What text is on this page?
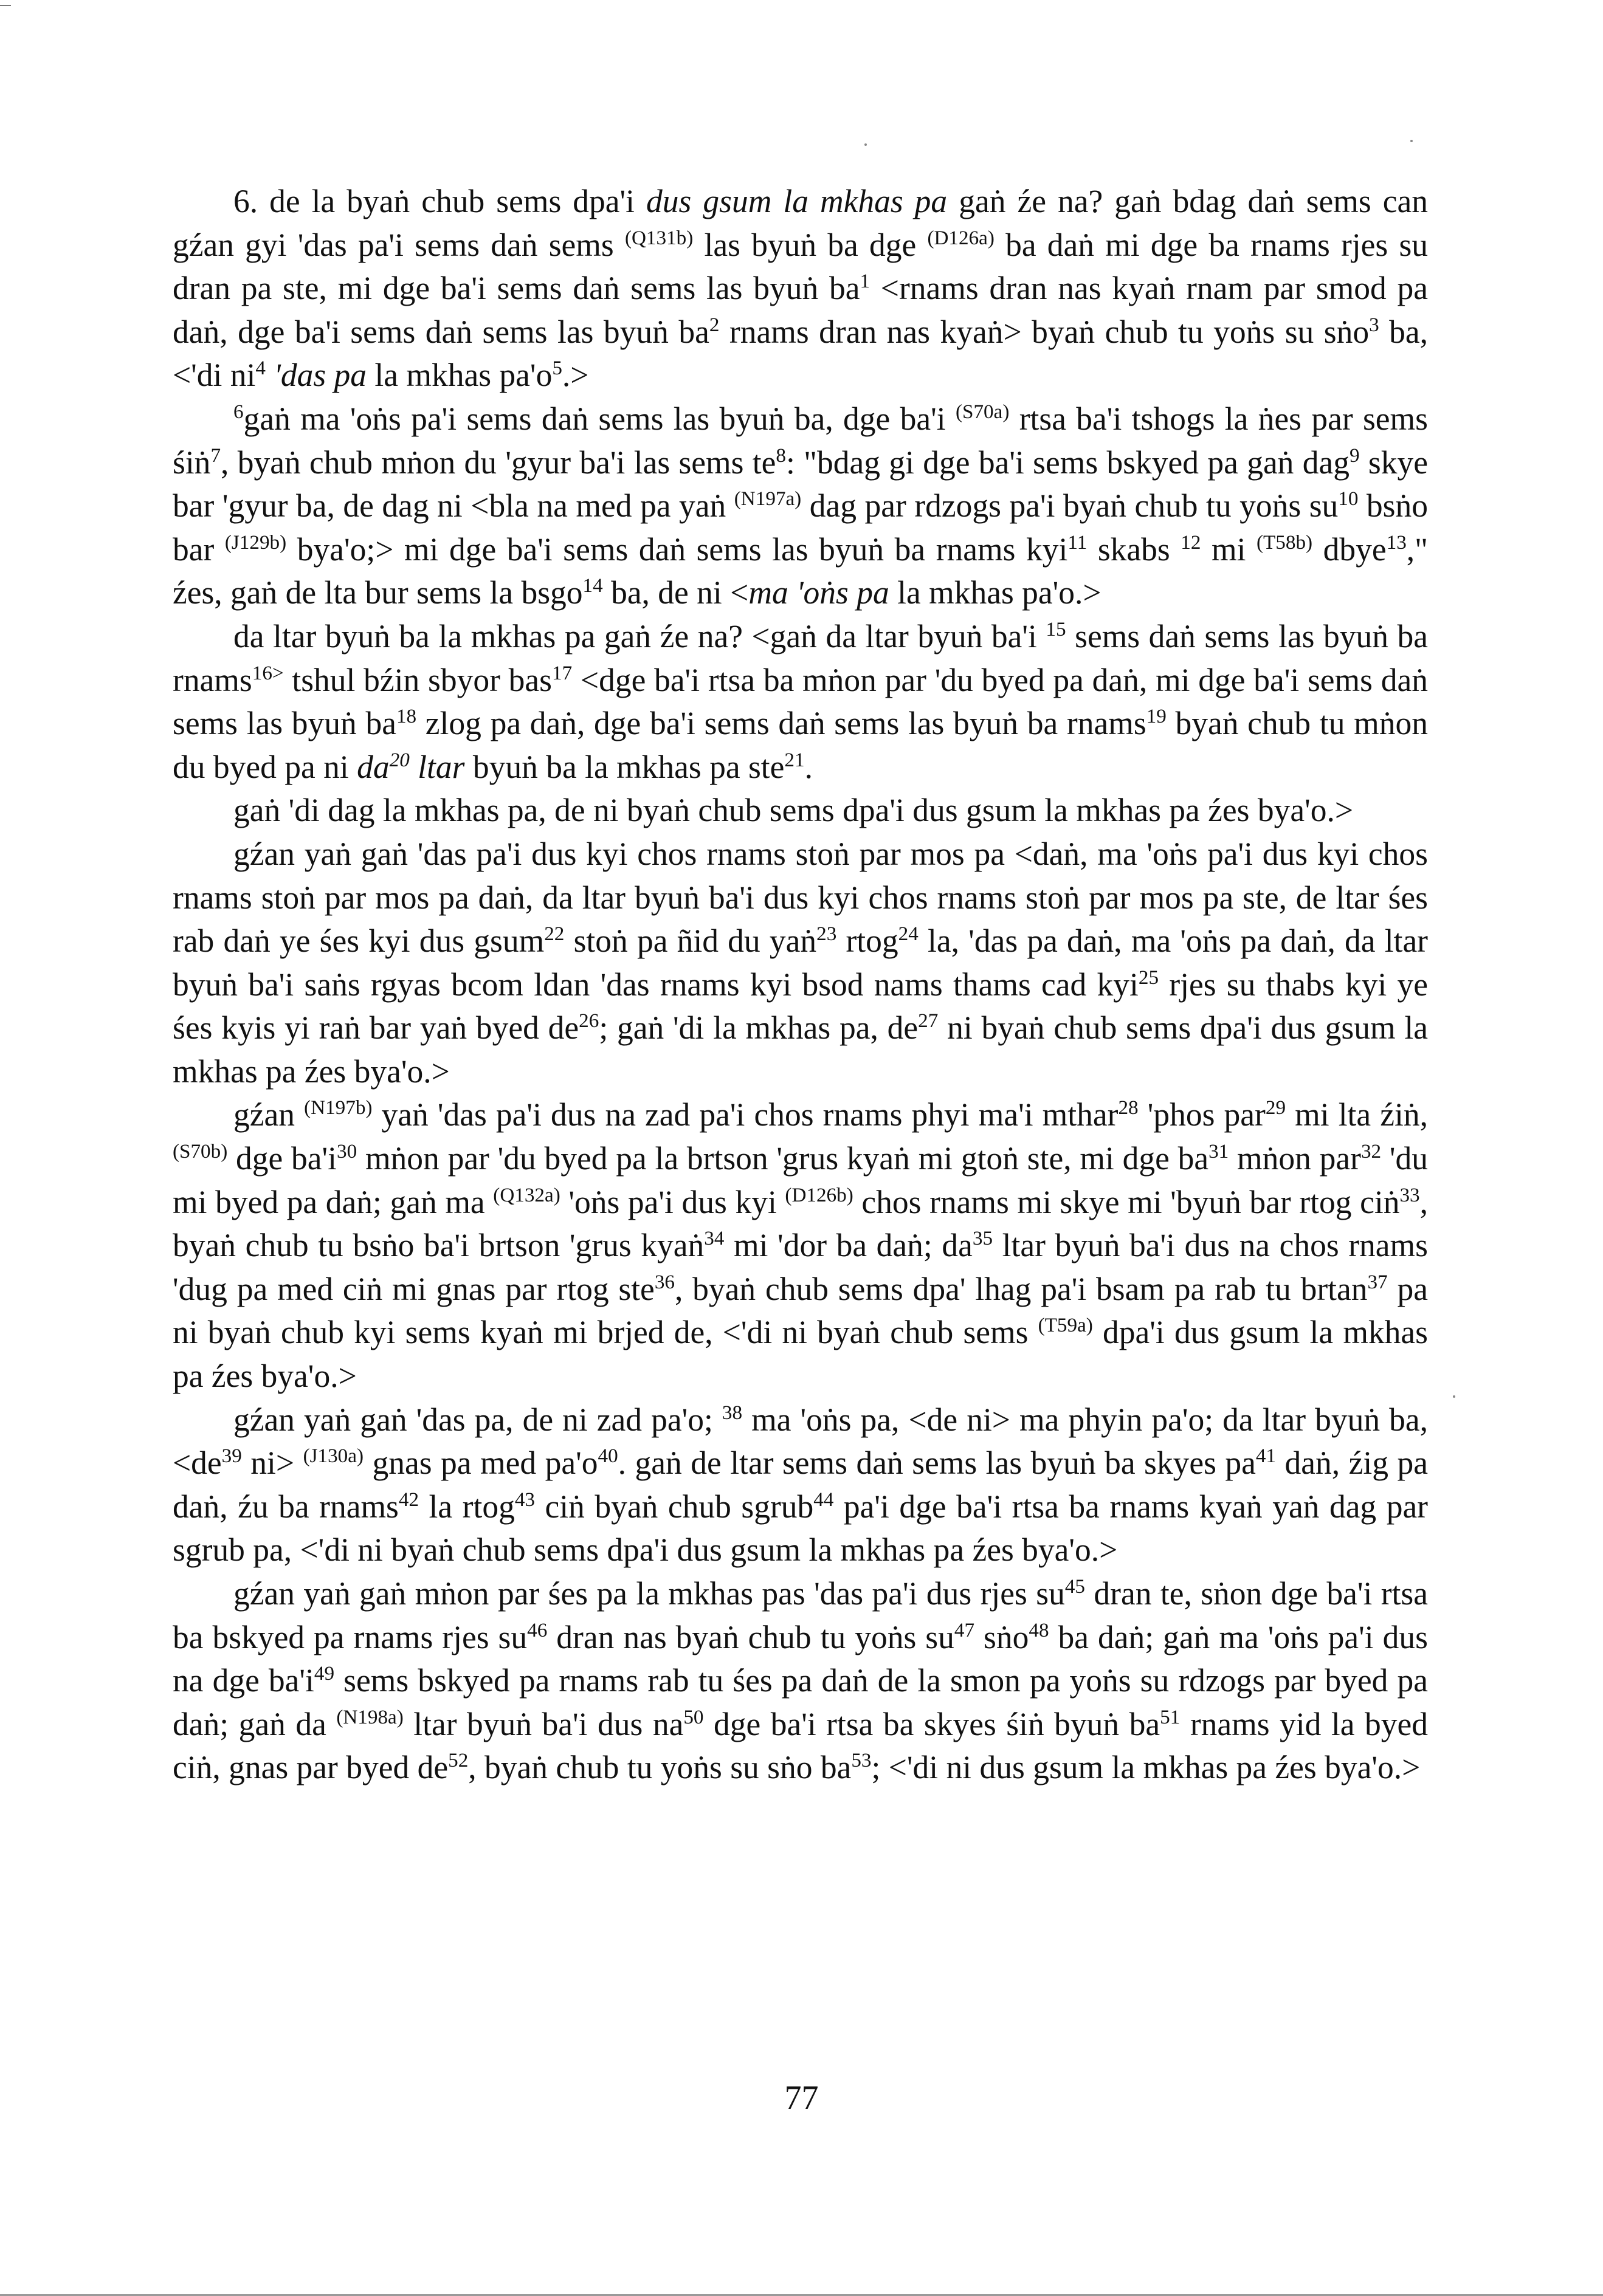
6. de la byaṅ chub sems dpa'i dus gsum la mkhas pa gaṅ źe na? gaṅ bdag daṅ sems can gźan gyi 'das pa'i sems daṅ sems $^{(Q131b)}$ las byuṅ ba dge $^{(D126a)}$ ba daṅ mi dge ba rnams rjes su dran pa ste, mi dge ba'i sems daṅ sems las byuṅ $ba^1$ <rnams dran nas kyaṅ rnam par smod pa daṅ, dge ba'i sems daṅ sems las byuṅ $ba^2$ rnams dran nas kyaṅ> byaṅ chub tu yoṅs su sṅo$^3$ ba, <'di $ni^4$ 'das pa la mkhas $pa'o^5.>$

$^6$gaṅ ma 'oṅs pa'i sems daṅ sems las byuṅ ba, dge ba'i $^{(S70a)}$ rtsa ba'i tshogs la ṅes par sems śiṅ$^7$, byaṅ chub mṅon du 'gyur ba'i las sems $te^8$: "bdag gi dge ba'i sems bskyed pa gaṅ dag$^9$ skye bar 'gyur ba, de dag ni <bla na med pa yaṅ $^{(N197a)}$ dag par rdzogs pa'i byaṅ chub tu yoṅs $su^{10}$ bsṅo bar $^{(J129b)}$ bya'o;> mi dge ba'i sems daṅ sems las byuṅ ba rnams kyi$^{11}$ skabs $^{12}$ mi $^{(T58b)}$ dbye$^{13}$," źes, gaṅ de lta bur sems la bsgo$^{14}$ ba, de ni <ma 'oṅs pa la mkhas pa'o.>

da ltar byuṅ ba la mkhas pa gaṅ źe na? <gaṅ da ltar byuṅ ba'i $^{15}$ sems daṅ sems las byuṅ ba rnams$^{16>}$ tshul bźin sbyor bas$^{17}$ <dge ba'i rtsa ba mṅon par 'du byed pa daṅ, mi dge ba'i sems daṅ sems las byuṅ $ba^{18}$ zlog pa daṅ, dge ba'i sems daṅ sems las byuṅ ba rnams$^{19}$ byaṅ chub tu mṅon du byed pa ni $da^{20}$ ltar byuṅ ba la mkhas pa ste$^{21}$.

gaṅ 'di dag la mkhas pa, de ni byaṅ chub sems dpa'i dus gsum la mkhas pa źes bya'o.>

gźan yaṅ gaṅ 'das pa'i dus kyi chos rnams stoṅ par mos pa <daṅ, ma 'oṅs pa'i dus kyi chos rnams stoṅ par mos pa daṅ, da ltar byuṅ ba'i dus kyi chos rnams stoṅ par mos pa ste, de ltar śes rab daṅ ye śes kyi dus gsum$^{22}$ stoṅ pa ñid du yaṅ$^{23}$ rtog$^{24}$ la, 'das pa daṅ, ma 'oṅs pa daṅ, da ltar byuṅ ba'i saṅs rgyas bcom ldan 'das rnams kyi bsod nams thams cad kyi$^{25}$ rjes su thabs kyi ye śes kyis yi raṅ bar yaṅ byed $de^{26}$; gaṅ 'di la mkhas pa, $de^{27}$ ni byaṅ chub sems dpa'i dus gsum la mkhas pa źes bya'o.>

gźan $^{(N197b)}$ yaṅ 'das pa'i dus na zad pa'i chos rnams phyi ma'i mthar$^{28}$ 'phos par$^{29}$ mi lta źiṅ, $^{(S70b)}$ dge $ba'i^{30}$ mṅon par 'du byed pa la brtson 'grus kyaṅ mi gtoṅ ste, mi dge $ba^{31}$ mṅon par$^{32}$ 'du mi byed pa daṅ; gaṅ ma $^{(Q132a)}$ 'oṅs pa'i dus kyi $^{(D126b)}$ chos rnams mi skye mi 'byuṅ bar rtog ciṅ$^{33}$, byaṅ chub tu bsṅo ba'i brtson 'grus kyaṅ$^{34}$ mi 'dor ba daṅ; $da^{35}$ ltar byuṅ ba'i dus na chos rnams 'dug pa med ciṅ mi gnas par rtog ste$^{36}$, byaṅ chub sems dpa' lhag pa'i bsam pa rab tu brtan$^{37}$ pa ni byaṅ chub kyi sems kyaṅ mi brjed de, <'di ni byaṅ chub sems $^{(T59a)}$ dpa'i dus gsum la mkhas pa źes bya'o.>

gźan yaṅ gaṅ 'das pa, de ni zad pa'o; $^{38}$ ma 'oṅs pa, <de ni> ma phyin pa'o; da ltar byuṅ ba, $<de^{39}$ ni> $^{(J130a)}$ gnas pa med $pa'o^{40}$. gaṅ de ltar sems daṅ sems las byuṅ ba skyes $pa^{41}$ daṅ, źig pa daṅ, źu ba rnams$^{42}$ la rtog$^{43}$ ciṅ byaṅ chub sgrub$^{44}$ pa'i dge ba'i rtsa ba rnams kyaṅ yaṅ dag par sgrub pa, <'di ni byaṅ chub sems dpa'i dus gsum la mkhas pa źes bya'o.>

gźan yaṅ gaṅ mṅon par śes pa la mkhas pas 'das pa'i dus rjes $su^{45}$ dran te, sṅon dge ba'i rtsa ba bskyed pa rnams rjes $su^{46}$ dran nas byaṅ chub tu yoṅs $su^{47}$ sṅo$^{48}$ ba daṅ; gaṅ ma 'oṅs pa'i dus na dge $ba'i^{49}$ sems bskyed pa rnams rab tu śes pa daṅ de la smon pa yoṅs su rdzogs par byed pa daṅ; gaṅ da $^{(N198a)}$ ltar byuṅ ba'i dus $na^{50}$ dge ba'i rtsa ba skyes śiṅ byuṅ $ba^{51}$ rnams yid la byed ciṅ, gnas par byed $de^{52}$, byaṅ chub tu yoṅs su sṅo $ba^{53}$; <'di ni dus gsum la mkhas pa źes bya'o.>

77
